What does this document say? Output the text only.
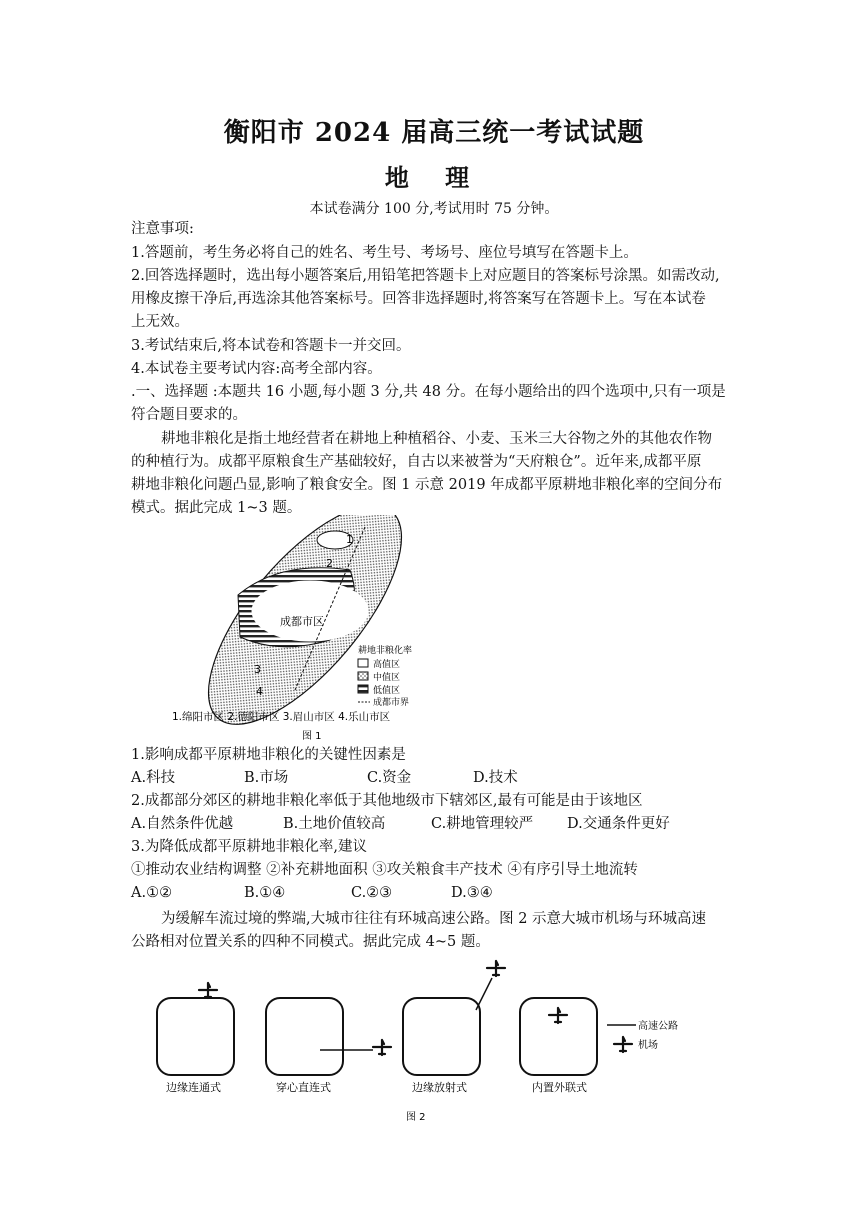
衡阳市 2024 届高三统一考试试题
地 理
本试卷满分 100 分,考试用时 75 分钟。
注意事项:
1.答题前，考生务必将自己的姓名、考生号、考场号、座位号填写在答题卡上。
2.回答选择题时，选出每小题答案后,用铅笔把答题卡上对应题目的答案标号涂黑。如需改动,
用橡皮擦干净后,再选涂其他答案标号。回答非选择题时,将答案写在答题卡上。写在本试卷
上无效。
3.考试结束后,将本试卷和答题卡一并交回。
4.本试卷主要考试内容:高考全部内容。
.一、选择题 :本题共 16 小题,每小题 3 分,共 48 分。在每小题给出的四个选项中,只有一项是
符合题目要求的。
耕地非粮化是指土地经营者在耕地上种植稻谷、小麦、玉米三大谷物之外的其他农作物
的种植行为。成都平原粮食生产基础较好，自古以来被誉为“天府粮仓”。近年来,成都平原
耕地非粮化问题凸显,影响了粮食安全。图 1 示意 2019 年成都平原耕地非粮化率的空间分布
模式。据此完成 1~3 题。
1
2
3
4
成都市区
耕地非粮化率
高值区
中值区
低值区
成都市界
1.绵阳市区 2.德阳市区 3.眉山市区 4.乐山市区
图 1
1.影响成都平原耕地非粮化的关键性因素是
A.科技	B.市场	C.资金	D.技术
2.成都部分郊区的耕地非粮化率低于其他地级市下辖郊区,最有可能是由于该地区
A.自然条件优越	B.土地价值较高	C.耕地管理较严 D.交通条件更好
3.为降低成都平原耕地非粮化率,建议
①推动农业结构调整 ②补充耕地面积 ③攻关粮食丰产技术 ④有序引导土地流转
A.①②	B.①④	C.②③	D.③④
为缓解车流过境的弊端,大城市往往有环城高速公路。图 2 示意大城市机场与环城高速
公路相对位置关系的四种不同模式。据此完成 4~5 题。
边缘连通式	穿心直连式	边缘放射式	内置外联式
高速公路
机场
图 2
